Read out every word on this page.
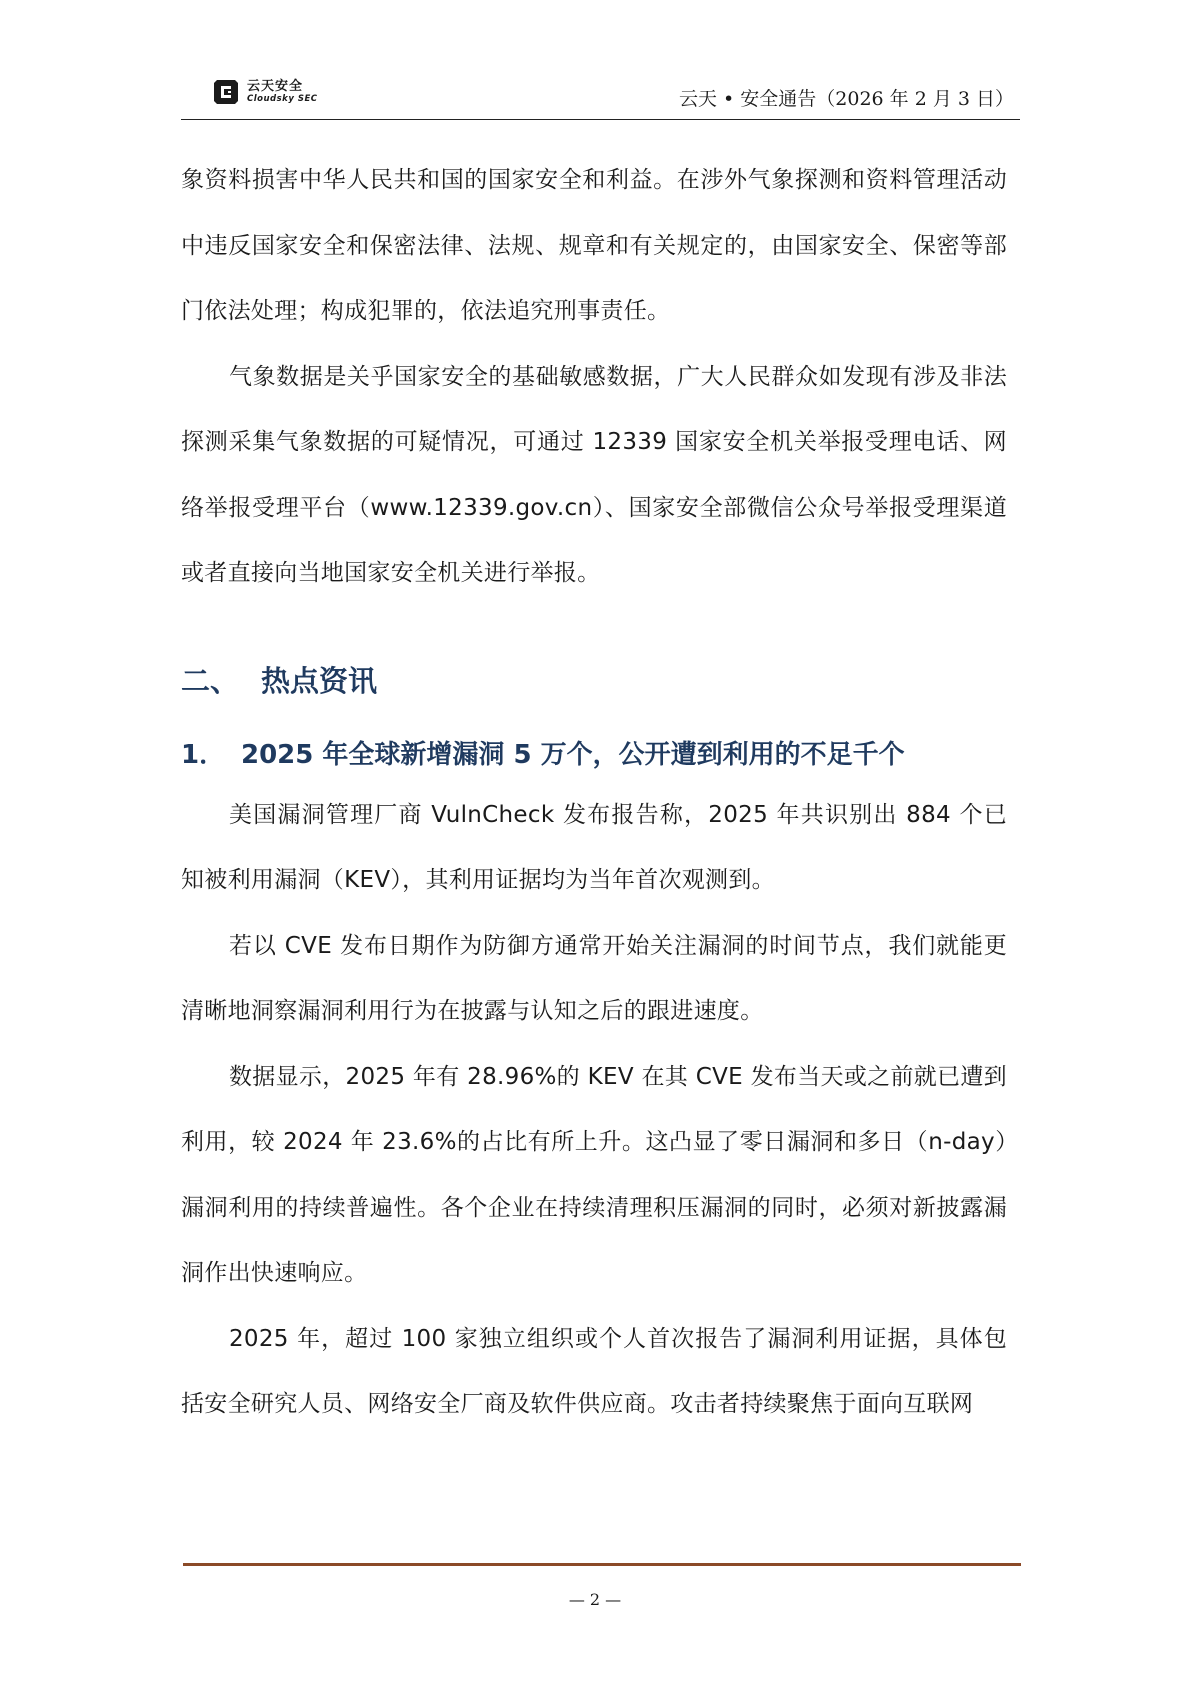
云天安全
Cloudsky SEC	云天 • 安全通告（2026 年 2 月 3 日）

象资料损害中华人民共和国的国家安全和利益。在涉外气象探测和资料管理活动中违反国家安全和保密法律、法规、规章和有关规定的，由国家安全、保密等部门依法处理；构成犯罪的，依法追究刑事责任。

气象数据是关乎国家安全的基础敏感数据，广大人民群众如发现有涉及非法探测采集气象数据的可疑情况，可通过 12339 国家安全机关举报受理电话、网络举报受理平台（www.12339.gov.cn）、国家安全部微信公众号举报受理渠道或者直接向当地国家安全机关进行举报。

二、 热点资讯
1． 2025 年全球新增漏洞 5 万个，公开遭到利用的不足千个

美国漏洞管理厂商 VulnCheck 发布报告称，2025 年共识别出 884 个已知被利用漏洞（KEV），其利用证据均为当年首次观测到。

若以 CVE 发布日期作为防御方通常开始关注漏洞的时间节点，我们就能更清晰地洞察漏洞利用行为在披露与认知之后的跟进速度。

数据显示，2025 年有 28.96%的 KEV 在其 CVE 发布当天或之前就已遭到利用，较 2024 年 23.6%的占比有所上升。这凸显了零日漏洞和多日（n-day）漏洞利用的持续普遍性。各个企业在持续清理积压漏洞的同时，必须对新披露漏洞作出快速响应。

2025 年，超过 100 家独立组织或个人首次报告了漏洞利用证据，具体包括安全研究人员、网络安全厂商及软件供应商。攻击者持续聚焦于面向互联网

— 2 —
